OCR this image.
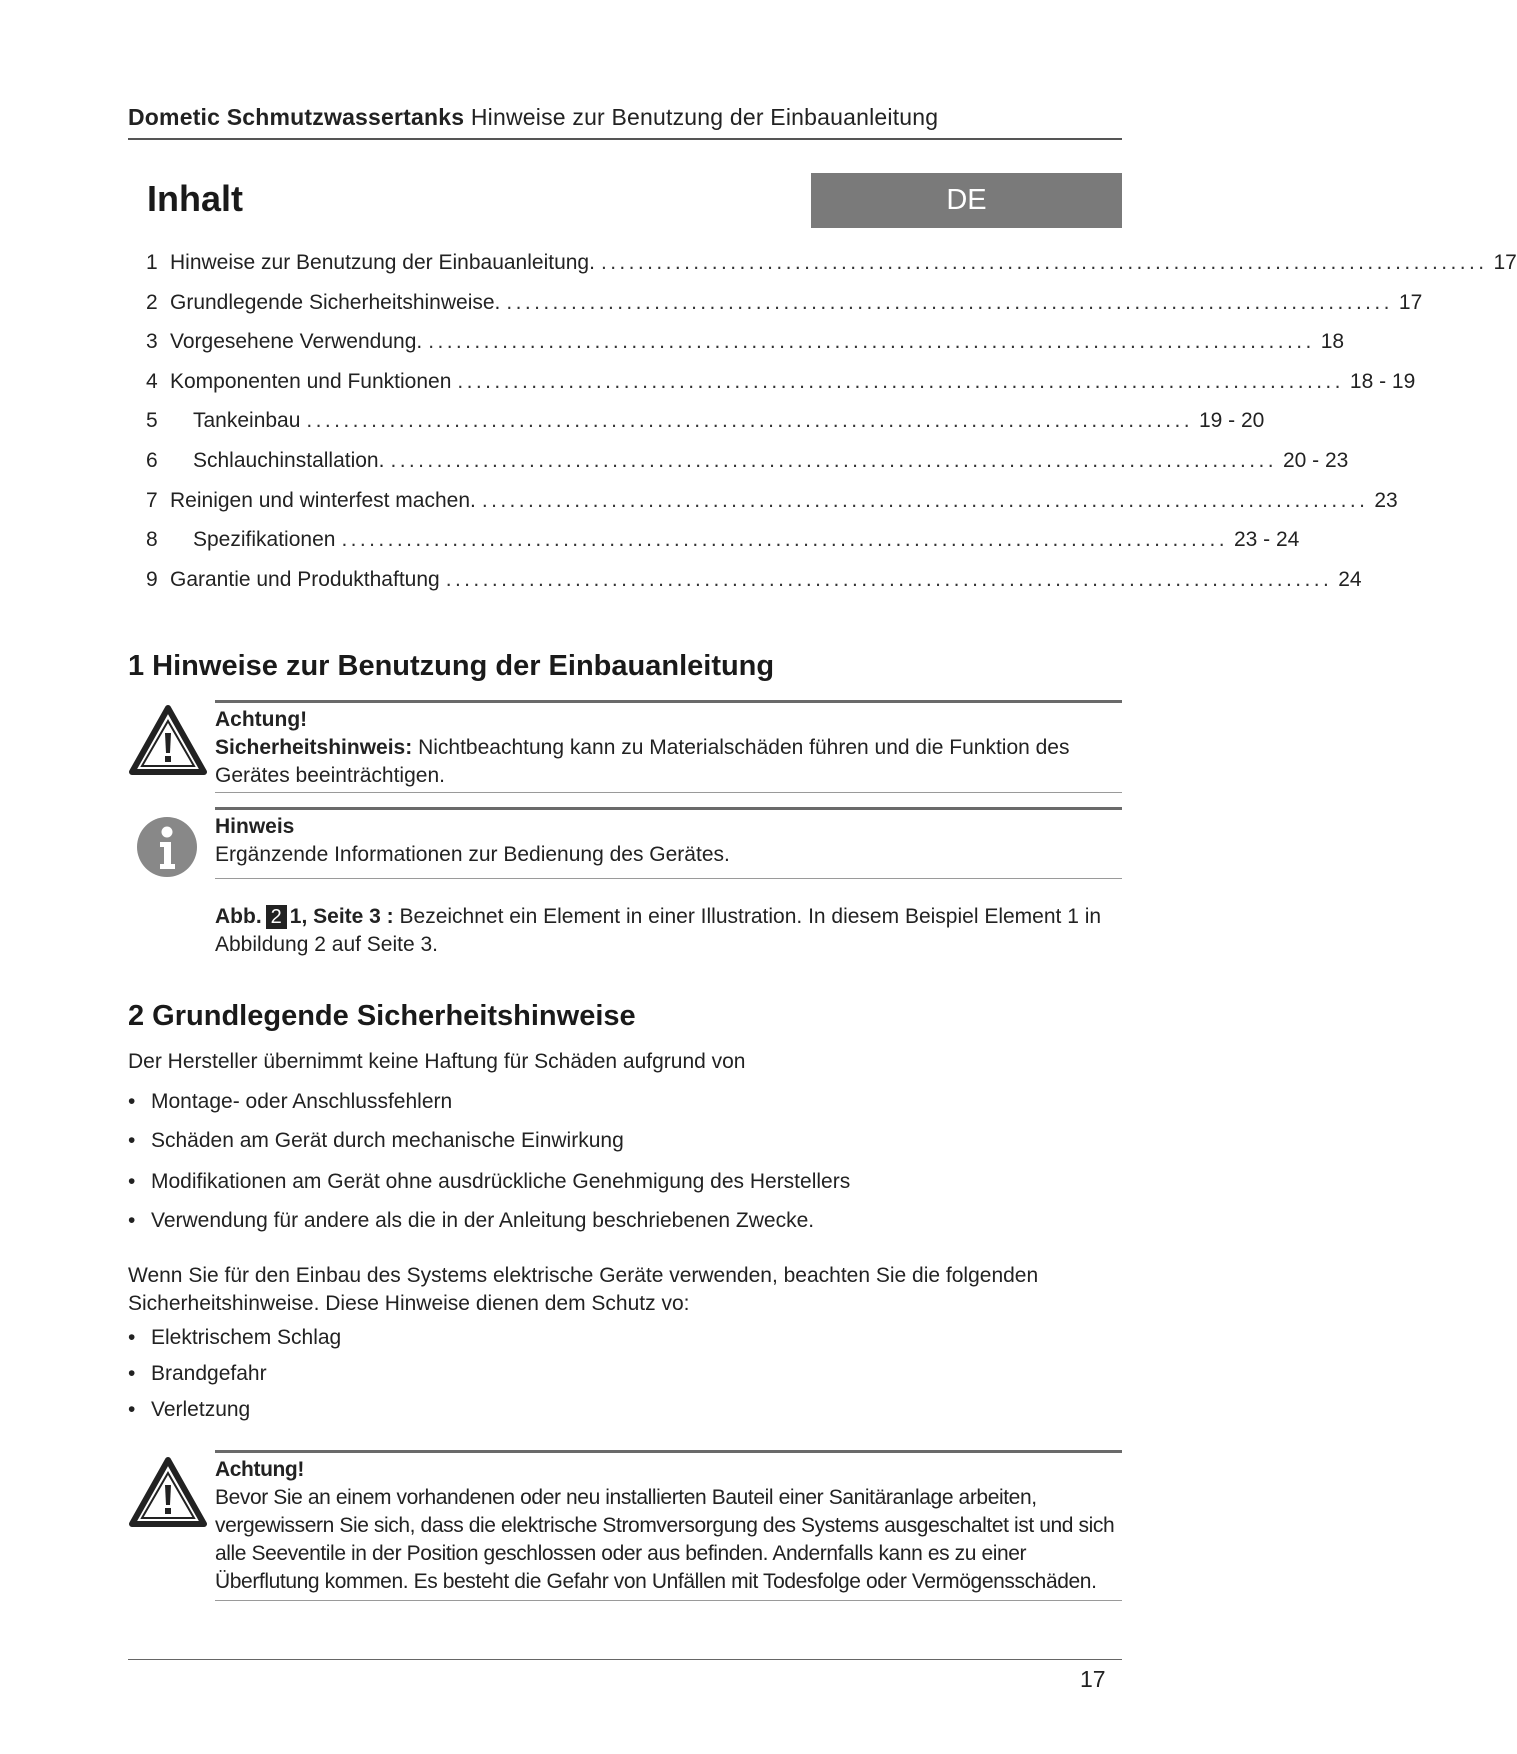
Dometic Schmutzwassertanks Hinweise zur Benutzung der Einbauanleitung
Inhalt	DE
1 Hinweise zur Benutzung der Einbauanleitung. ................................................................................................ 17
2 Grundlegende Sicherheitshinweise. ................................................................................................ 17
3 Vorgesehene Verwendung. ................................................................................................ 18
4 Komponenten und Funktionen ................................................................................................ 18 - 19
5	Tankeinbau ................................................................................................ 19 - 20
6	Schlauchinstallation. ................................................................................................ 20 - 23
7 Reinigen und winterfest machen. ................................................................................................ 23
8	Spezifikationen ................................................................................................ 23 - 24
9 Garantie und Produkthaftung ................................................................................................ 24
1 Hinweise zur Benutzung der Einbauanleitung
Achtung!
Sicherheitshinweis: Nichtbeachtung kann zu Materialschäden führen und die Funktion des Gerätes beeinträchtigen.
Hinweis
Ergänzende Informationen zur Bedienung des Gerätes.
Abb. 2 1, Seite 3 : Bezeichnet ein Element in einer Illustration. In diesem Beispiel Element 1 in Abbildung 2 auf Seite 3.
2 Grundlegende Sicherheitshinweise
Der Hersteller übernimmt keine Haftung für Schäden aufgrund von
• Montage- oder Anschlussfehlern
• Schäden am Gerät durch mechanische Einwirkung
• Modifikationen am Gerät ohne ausdrückliche Genehmigung des Herstellers
• Verwendung für andere als die in der Anleitung beschriebenen Zwecke.
Wenn Sie für den Einbau des Systems elektrische Geräte verwenden, beachten Sie die folgenden Sicherheitshinweise. Diese Hinweise dienen dem Schutz vo:
• Elektrischem Schlag
• Brandgefahr
• Verletzung
Achtung!
Bevor Sie an einem vorhandenen oder neu installierten Bauteil einer Sanitäranlage arbeiten, vergewissern Sie sich, dass die elektrische Stromversorgung des Systems ausgeschaltet ist und sich alle Seeventile in der Position geschlossen oder aus befinden. Andernfalls kann es zu einer Überflutung kommen. Es besteht die Gefahr von Unfällen mit Todesfolge oder Vermögensschäden.
17
